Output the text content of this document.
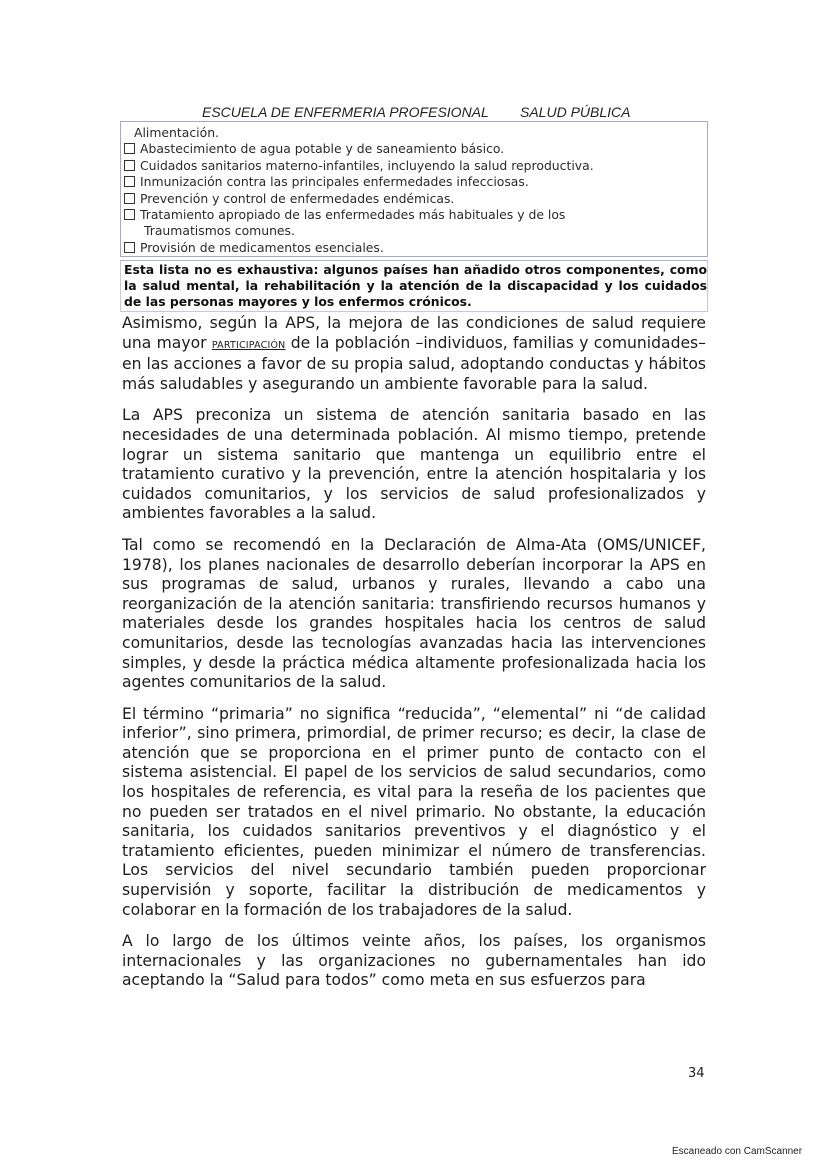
ESCUELA DE ENFERMERIA PROFESIONAL SALUD PÚBLICA
Alimentación.
Abastecimiento de agua potable y de saneamiento básico.
Cuidados sanitarios materno-infantiles, incluyendo la salud reproductiva.
Inmunización contra las principales enfermedades infecciosas.
Prevención y control de enfermedades endémicas.
Tratamiento apropiado de las enfermedades más habituales y de los
Traumatismos comunes.
Provisión de medicamentos esenciales.
Esta lista no es exhaustiva: algunos países han añadido otros componentes, como la salud mental, la rehabilitación y la atención de la discapacidad y los cuidados de las personas mayores y los enfermos crónicos.

Asimismo, según la APS, la mejora de las condiciones de salud requiere una mayor PARTICIPACIÓN de la población –individuos, familias y comunidades– en las acciones a favor de su propia salud, adoptando conductas y hábitos más saludables y asegurando un ambiente favorable para la salud.

La APS preconiza un sistema de atención sanitaria basado en las necesidades de una determinada población. Al mismo tiempo, pretende lograr un sistema sanitario que mantenga un equilibrio entre el tratamiento curativo y la prevención, entre la atención hospitalaria y los cuidados comunitarios, y los servicios de salud profesionalizados y ambientes favorables a la salud.

Tal como se recomendó en la Declaración de Alma-Ata (OMS/UNICEF, 1978), los planes nacionales de desarrollo deberían incorporar la APS en sus programas de salud, urbanos y rurales, llevando a cabo una reorganización de la atención sanitaria: transfiriendo recursos humanos y materiales desde los grandes hospitales hacia los centros de salud comunitarios, desde las tecnologías avanzadas hacia las intervenciones simples, y desde la práctica médica altamente profesionalizada hacia los agentes comunitarios de la salud.

El término “primaria” no significa “reducida”, “elemental” ni “de calidad inferior”, sino primera, primordial, de primer recurso; es decir, la clase de atención que se proporciona en el primer punto de contacto con el sistema asistencial. El papel de los servicios de salud secundarios, como los hospitales de referencia, es vital para la reseña de los pacientes que no pueden ser tratados en el nivel primario. No obstante, la educación sanitaria, los cuidados sanitarios preventivos y el diagnóstico y el tratamiento eficientes, pueden minimizar el número de transferencias. Los servicios del nivel secundario también pueden proporcionar supervisión y soporte, facilitar la distribución de medicamentos y colaborar en la formación de los trabajadores de la salud.

A lo largo de los últimos veinte años, los países, los organismos internacionales y las organizaciones no gubernamentales han ido aceptando la “Salud para todos” como meta en sus esfuerzos para

34
Escaneado con CamScanner
